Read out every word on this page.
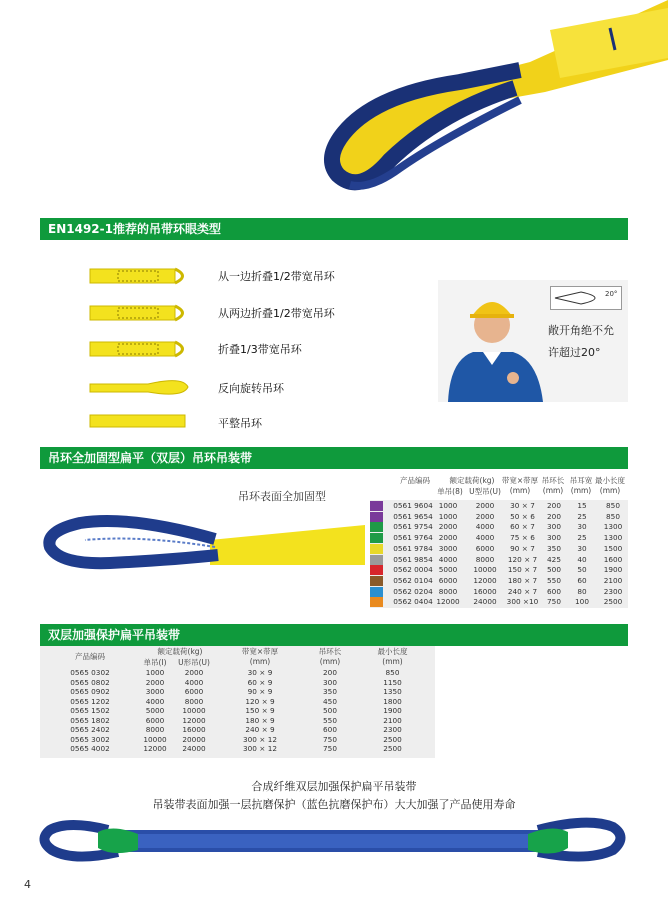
EN1492-1推荐的吊带环眼类型
从一边折叠1/2带宽吊环
从两边折叠1/2带宽吊环
折叠1/3带宽吊环
反向旋转吊环
平整吊环
20°
敞开角绝不允
许超过20°
吊环全加固型扁平（双层）吊环吊装带
吊环表面全加固型
产品编码	额定载荷(kg)
单吊(8) U型吊(U)
带宽×带厚
(mm)
吊环长
(mm)
吊耳宽
(mm)
最小长度
(mm)
0561 9604 1000	2000	30 × 7	200	15	850
0561 9654 1000	2000	50 × 6	200	25	850
0561 9754 2000	4000	60 × 7	300	30	1300
0561 9764 2000	4000	75 × 6	300	25	1300
0561 9784 3000	6000	90 × 7	350	30	1500
0561 9854 4000	8000	120 × 7	425	40	1600
0562 0004 5000	10000	150 × 7	500	50	1900
0562 0104 6000	12000	180 × 7	550	60	2100
0562 0204 8000	16000	240 × 7	600	80	2300
0562 0404 12000	24000	300 ×10	750	100	2500
双层加强保护扁平吊装带
产品编码
额定载荷(kg)
单吊(I)	U形吊(U)
带宽×带厚
(mm)
吊环长
(mm)
最小长度
(mm)
0565 0302	1000	2000	30 × 9	200	850
0565 0802	2000	4000	60 × 9	300	1150
0565 0902	3000	6000	90 × 9	350	1350
0565 1202	4000	8000	120 × 9	450	1800
0565 1502	5000	10000	150 × 9	500	1900
0565 1802	6000	12000	180 × 9	550	2100
0565 2402	8000	16000	240 × 9	600	2300
0565 3002	10000	20000	300 × 12	750	2500
0565 4002	12000	24000	300 × 12	750	2500
合成纤维双层加强保护扁平吊装带
吊装带表面加强一层抗磨保护（蓝色抗磨保护布）大大加强了产品使用寿命
4
